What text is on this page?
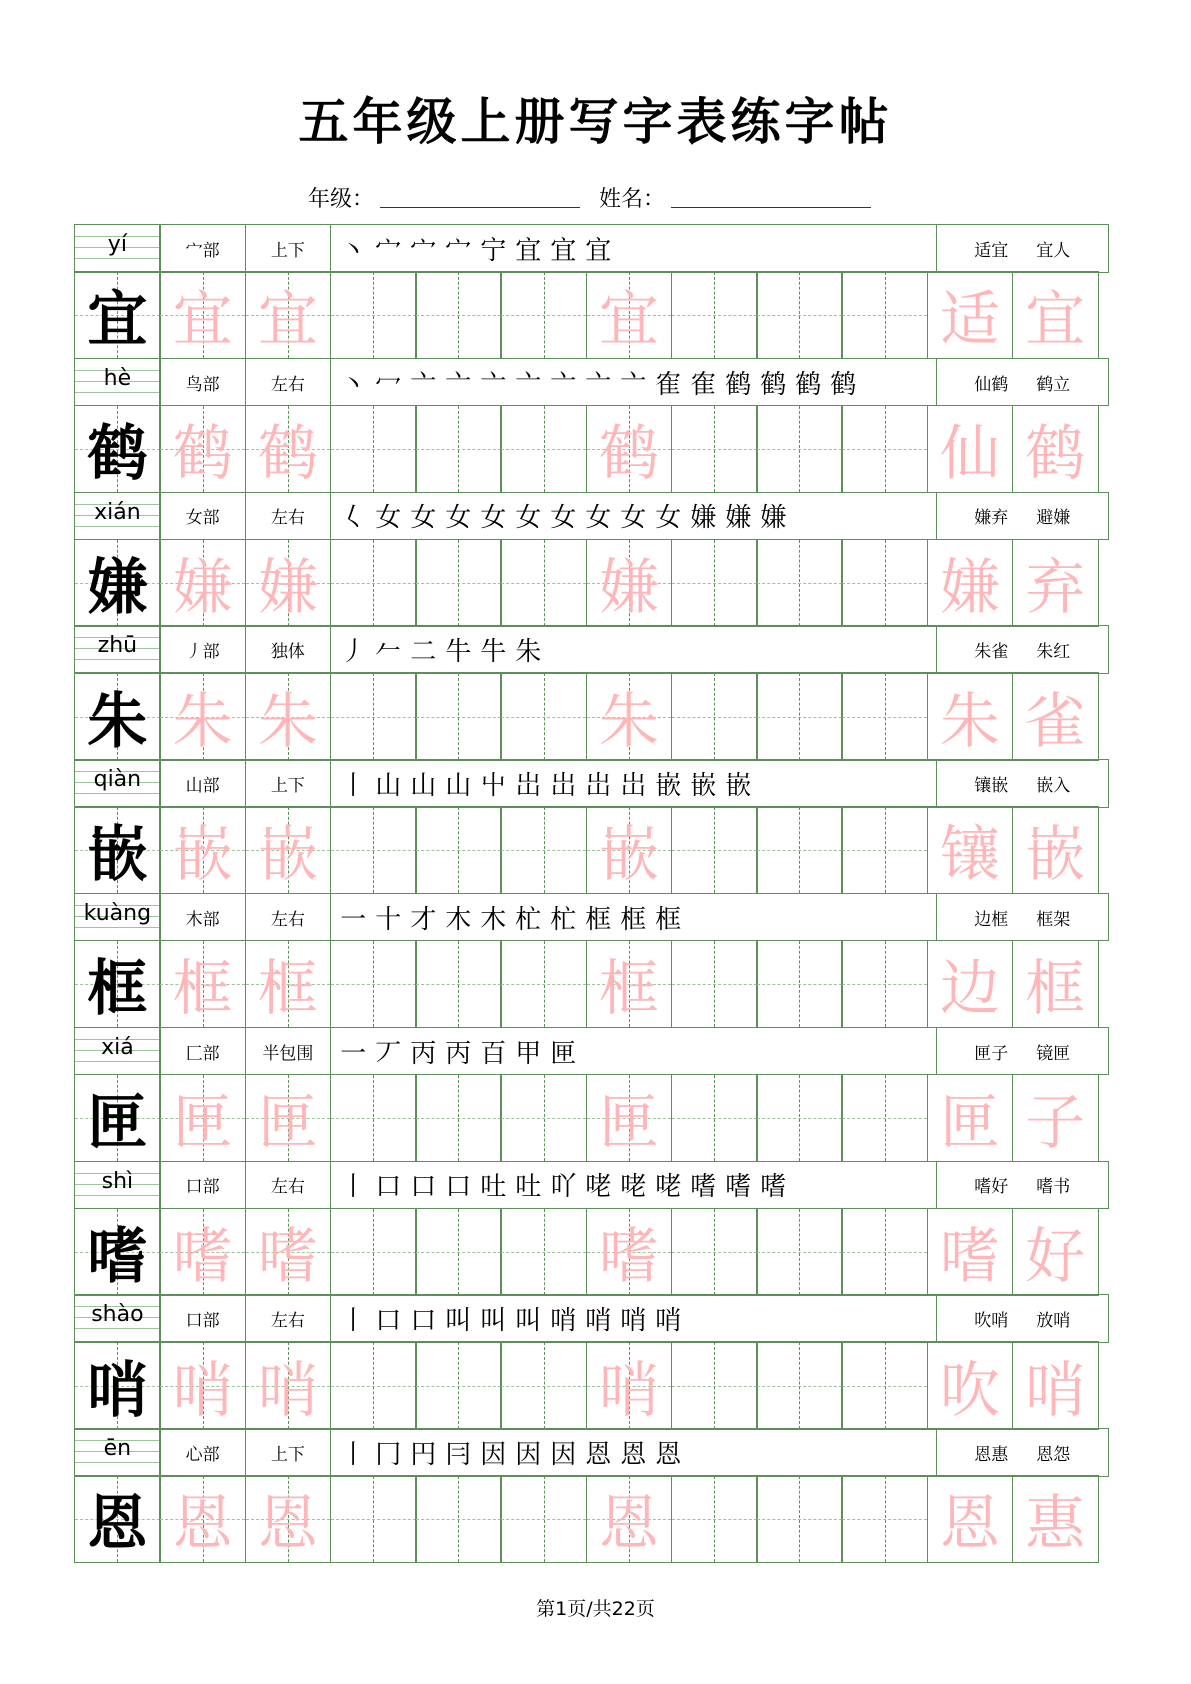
五年级上册写字表练字帖
年级：	姓名：
yí	宀部	上下	丶 宀 宀 宀 宁 宜 宜 宜	适宜 宜人
宜 宜 宜	宜	适 宜
hè	鸟部	左右	丶 冖 亠 亠 亠 亠 亠 亠 亠 隺 隺 鹤 鹤 鹤 鹤	仙鹤 鹤立
鹤 鹤 鹤	鹤	仙 鹤
xián	女部	左右	𡿨 女 女 女 女 女 女 女 女 女 嫌 嫌 嫌	嫌弃 避嫌
嫌 嫌 嫌	嫌	嫌 弃
zhū	丿部	独体	丿 𠂉 二 牛 牛 朱	朱雀 朱红
朱 朱 朱	朱	朱 雀
qiàn	山部	上下	丨 山 山 山 屮 岀 岀 岀 岀 嵌 嵌 嵌	镶嵌 嵌入
嵌 嵌 嵌	嵌	镶 嵌
kuàng	木部	左右	一 十 才 木 木 杧 杧 框 框 框	边框 框架
框 框 框	框	边 框
xiá	匚部	半包围	一 丆 丙 丙 百 甲 匣	匣子 镜匣
匣 匣 匣	匣	匣 子
shì	口部	左右	丨 口 口 口 吐 吐 吖 咾 咾 咾 嗜 嗜 嗜	嗜好 嗜书
嗜 嗜 嗜	嗜	嗜 好
shào	口部	左右	丨 口 口 叫 叫 叫 哨 哨 哨 哨	吹哨 放哨
哨 哨 哨	哨	吹 哨
ēn	心部	上下	丨 冂 円 冃 因 因 因 恩 恩 恩	恩惠 恩怨
恩 恩 恩	恩	恩 惠
第1页/共22页
